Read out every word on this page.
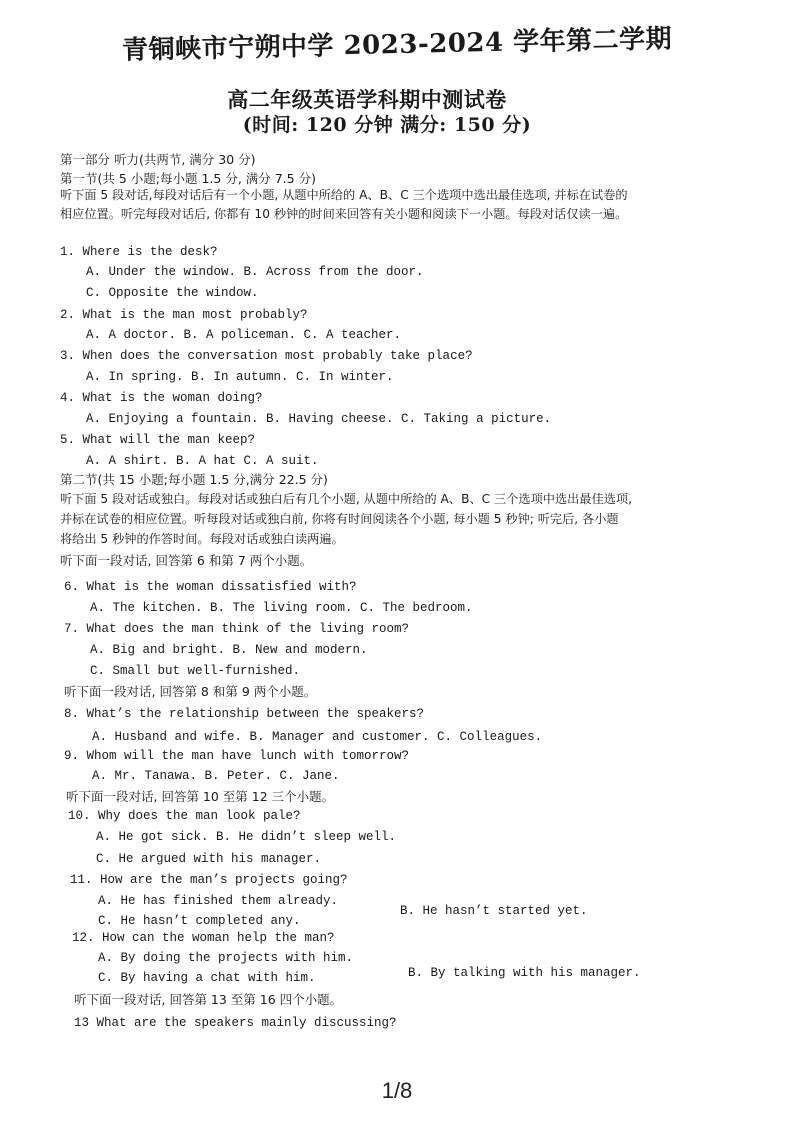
青铜峡市宁朔中学 2023-2024 学年第二学期
高二年级英语学科期中测试卷
(时间: 120 分钟 满分: 150 分)
第一部分 听力(共两节, 满分 30 分)
第一节(共 5 小题;每小题 1.5 分, 满分 7.5 分)
听下面 5 段对话,每段对话后有一个小题, 从题中所给的 A、B、C 三个选项中选出最佳选项, 并标在试卷的
相应位置。听完每段对话后, 你都有 10 秒钟的时间来回答有关小题和阅读下一小题。每段对话仅读一遍。
1. Where is the desk?
A. Under the window. B. Across from the door.
C. Opposite the window.
2. What is the man most probably?
A. A doctor. B. A policeman. C. A teacher.
3. When does the conversation most probably take place?
A. In spring. B. In autumn. C. In winter.
4. What is the woman doing?
A. Enjoying a fountain. B. Having cheese. C. Taking a picture.
5. What will the man keep?
A. A shirt. B. A hat C. A suit.
第二节(共 15 小题;每小题 1.5 分,满分 22.5 分)
听下面 5 段对话或独白。每段对话或独白后有几个小题, 从题中所给的 A、B、C 三个选项中选出最佳选项,
并标在试卷的相应位置。听每段对话或独白前, 你将有时间阅读各个小题, 每小题 5 秒钟; 听完后, 各小题
将给出 5 秒钟的作答时间。每段对话或独白读两遍。
听下面一段对话, 回答第 6 和第 7 两个小题。
6. What is the woman dissatisfied with?
A. The kitchen. B. The living room. C. The bedroom.
7. What does the man think of the living room?
A. Big and bright. B. New and modern.
C. Small but well-furnished.
听下面一段对话, 回答第 8 和第 9 两个小题。
8. What’s the relationship between the speakers?
A. Husband and wife. B. Manager and customer. C. Colleagues.
9. Whom will the man have lunch with tomorrow?
A. Mr. Tanawa. B. Peter. C. Jane.
听下面一段对话, 回答第 10 至第 12 三个小题。
10. Why does the man look pale?
A. He got sick. B. He didn’t sleep well.
C. He argued with his manager.
11. How are the man’s projects going?
A. He has finished them already.
B. He hasn’t started yet.
C. He hasn’t completed any.
12. How can the woman help the man?
A. By doing the projects with him.
B. By talking with his manager.
C. By having a chat with him.
听下面一段对话, 回答第 13 至第 16 四个小题。
13 What are the speakers mainly discussing?
1/8
